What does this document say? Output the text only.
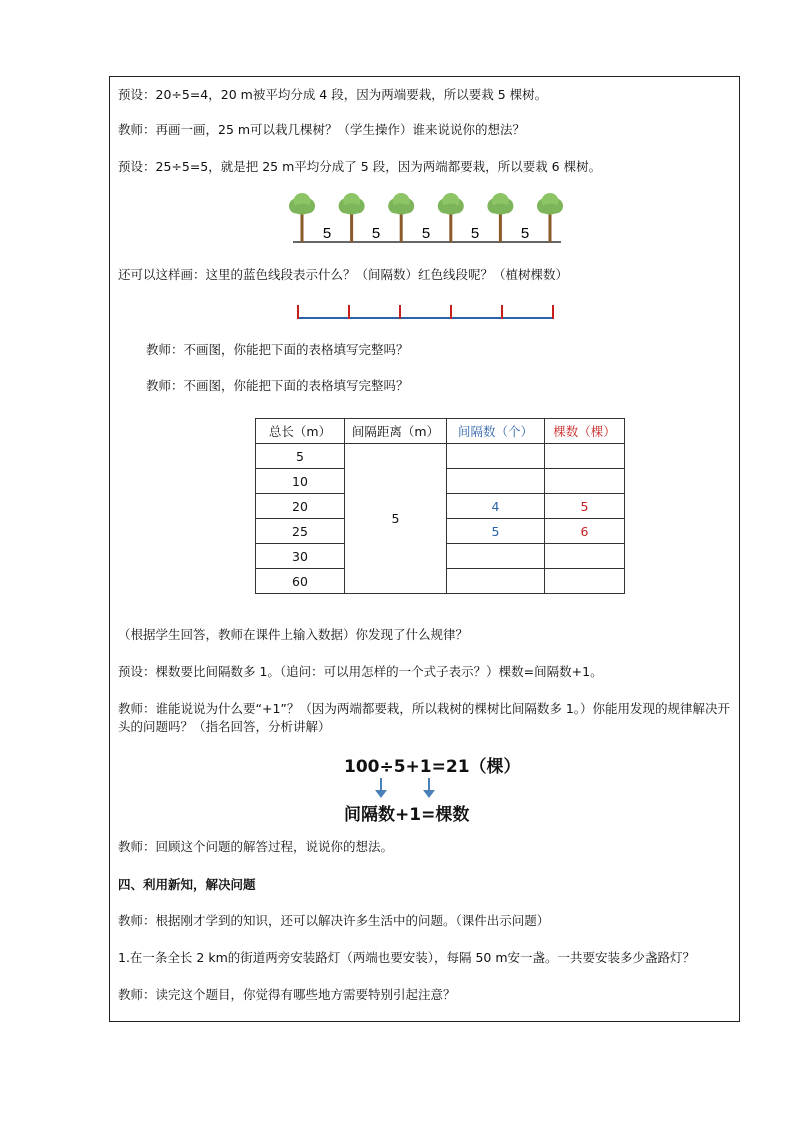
预设：20÷5=4，20 m被平均分成 4 段，因为两端要栽，所以要栽 5 棵树。

教师：再画一画，25 m可以栽几棵树？（学生操作）谁来说说你的想法？

预设：25÷5=5，就是把 25 m平均分成了 5 段，因为两端都要栽，所以要栽 6 棵树。

5	5	5	5	5

还可以这样画：这里的蓝色线段表示什么？（间隔数）红色线段呢？（植树棵数）

教师：不画图，你能把下面的表格填写完整吗？

教师：不画图，你能把下面的表格填写完整吗？

总长（m）	间隔距离（m）	间隔数（个）	棵数（棵）
5	5		
10			
20		4	5
25		5	6
30			
60			

（根据学生回答，教师在课件上输入数据）你发现了什么规律？

预设：棵数要比间隔数多 1。（追问：可以用怎样的一个式子表示？）棵数=间隔数+1。

教师：谁能说说为什么要“+1”？（因为两端都要栽，所以栽树的棵树比间隔数多 1。）你能用发现的规律解决开头的问题吗？（指名回答，分析讲解）

100÷5+1=21（棵）
间隔数+1=棵数

教师：回顾这个问题的解答过程，说说你的想法。

四、利用新知，解决问题

教师：根据刚才学到的知识，还可以解决许多生活中的问题。（课件出示问题）

1.在一条全长 2 km的街道两旁安装路灯（两端也要安装），每隔 50 m安一盏。一共要安装多少盏路灯？

教师：读完这个题目，你觉得有哪些地方需要特别引起注意？
